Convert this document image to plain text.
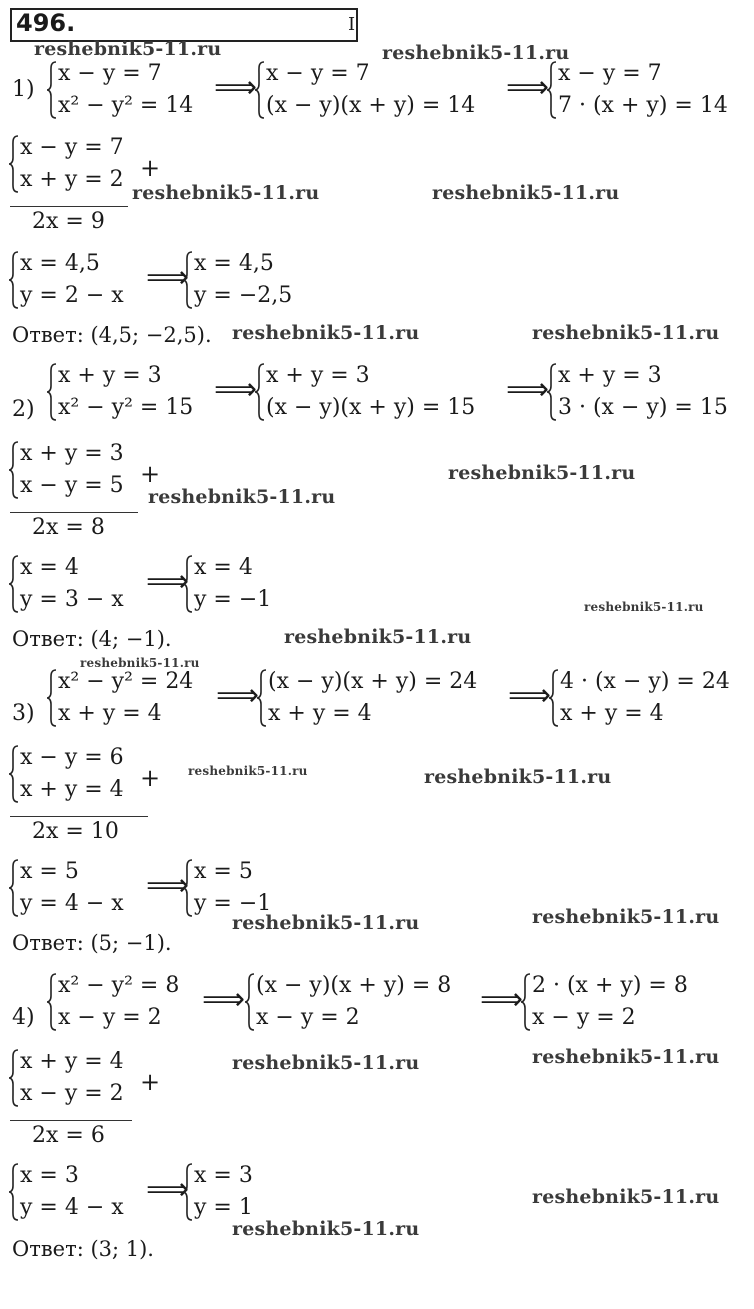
496.	I
1)
x − y = 7
x² − y² = 14
⟹ x − y = 7
(x − y)(x + y) = 14
⟹ x − y = 7
7 · (x + y) = 14
x − y = 7
x + y = 2 +
2x = 9
x = 4,5
y = 2 − x
⟹ x = 4,5
y = −2,5
Ответ: (4,5; −2,5).
2)
x + y = 3
x² − y² = 15
⟹ x + y = 3
(x − y)(x + y) = 15
⟹ x + y = 3
3 · (x − y) = 15
x + y = 3
x − y = 5 +
2x = 8
x = 4
y = 3 − x
⟹ x = 4
y = −1
Ответ: (4; −1).
3)
x² − y² = 24
x + y = 4
⟹ (x − y)(x + y) = 24
x + y = 4
⟹ 4 · (x − y) = 24
x + y = 4
x − y = 6
x + y = 4 +
2x = 10
x = 5
y = 4 − x
⟹ x = 5
y = −1
Ответ: (5; −1).
4)
x² − y² = 8
x − y = 2
⟹ (x − y)(x + y) = 8
x − y = 2
⟹ 2 · (x + y) = 8
x − y = 2
x + y = 4
x − y = 2 +
2x = 6
x = 3
y = 4 − x
⟹ x = 3
y = 1
Ответ: (3; 1).
reshebnik5-11.ru	reshebnik5-11.ru
reshebnik5-11.ru	reshebnik5-11.ru
reshebnik5-11.ru	reshebnik5-11.ru
reshebnik5-11.ru
reshebnik5-11.ru
reshebnik5-11.ru
reshebnik5-11.ru
reshebnik5-11.ru
reshebnik5-11.ru	reshebnik5-11.ru
reshebnik5-11.ru	reshebnik5-11.ru
reshebnik5-11.ru	reshebnik5-11.ru
reshebnik5-11.ru
reshebnik5-11.ru
